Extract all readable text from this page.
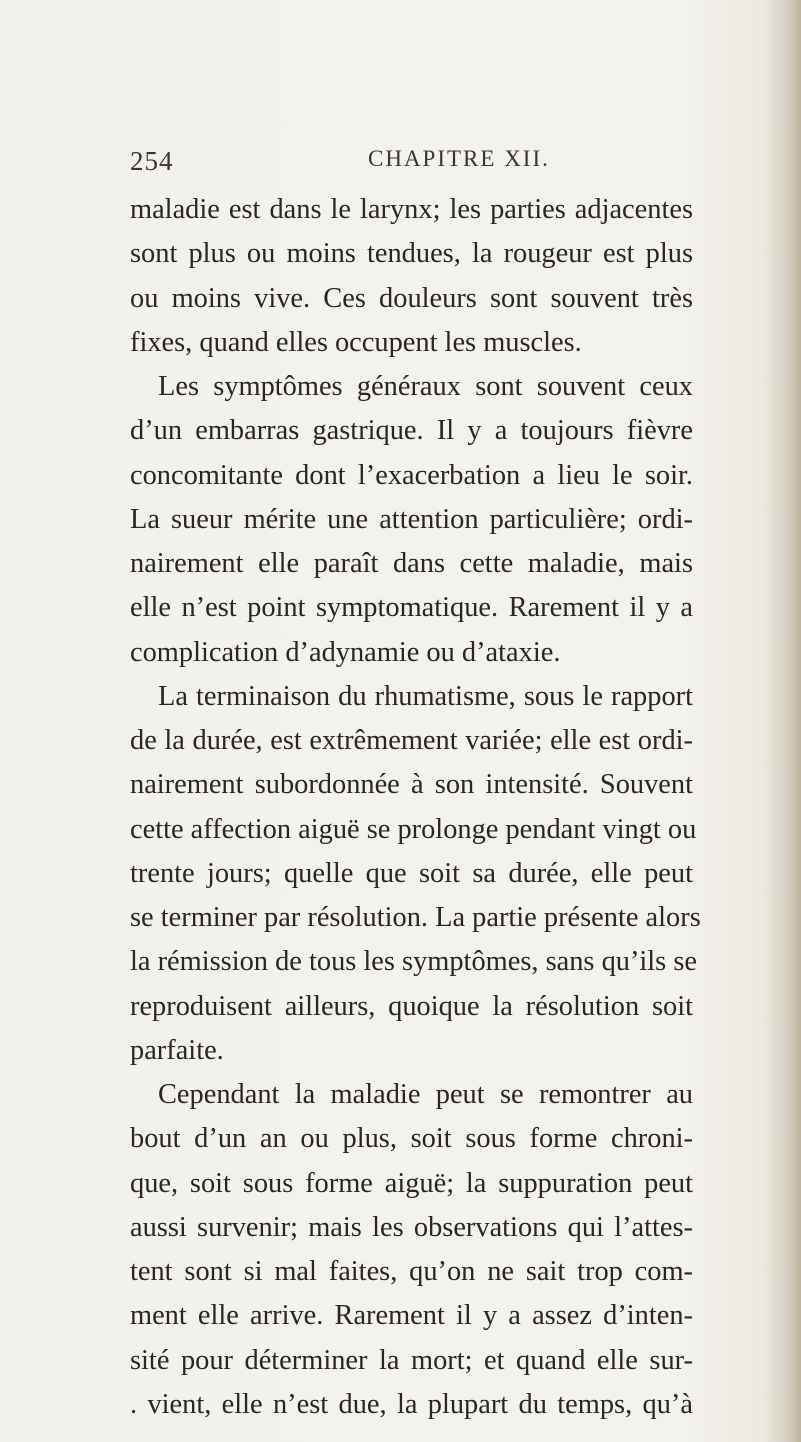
254	CHAPITRE XII.
maladie est dans le larynx; les parties adjacentes
sont plus ou moins tendues, la rougeur est plus
ou moins vive. Ces douleurs sont souvent très
fixes, quand elles occupent les muscles.
Les symptômes généraux sont souvent ceux
d’un embarras gastrique. Il y a toujours fièvre
concomitante dont l’exacerbation a lieu le soir.
La sueur mérite une attention particulière; ordi-
nairement elle paraît dans cette maladie, mais
elle n’est point symptomatique. Rarement il y a
complication d’adynamie ou d’ataxie.
La terminaison du rhumatisme, sous le rapport
de la durée, est extrêmement variée; elle est ordi-
nairement subordonnée à son intensité. Souvent
cette affection aiguë se prolonge pendant vingt ou
trente jours; quelle que soit sa durée, elle peut
se terminer par résolution. La partie présente alors
la rémission de tous les symptômes, sans qu’ils se
reproduisent ailleurs, quoique la résolution soit
parfaite.
Cependant la maladie peut se remontrer au
bout d’un an ou plus, soit sous forme chroni-
que, soit sous forme aiguë; la suppuration peut
aussi survenir; mais les observations qui l’attes-
tent sont si mal faites, qu’on ne sait trop com-
ment elle arrive. Rarement il y a assez d’inten-
sité pour déterminer la mort; et quand elle sur-
. vient, elle n’est due, la plupart du temps, qu’à
